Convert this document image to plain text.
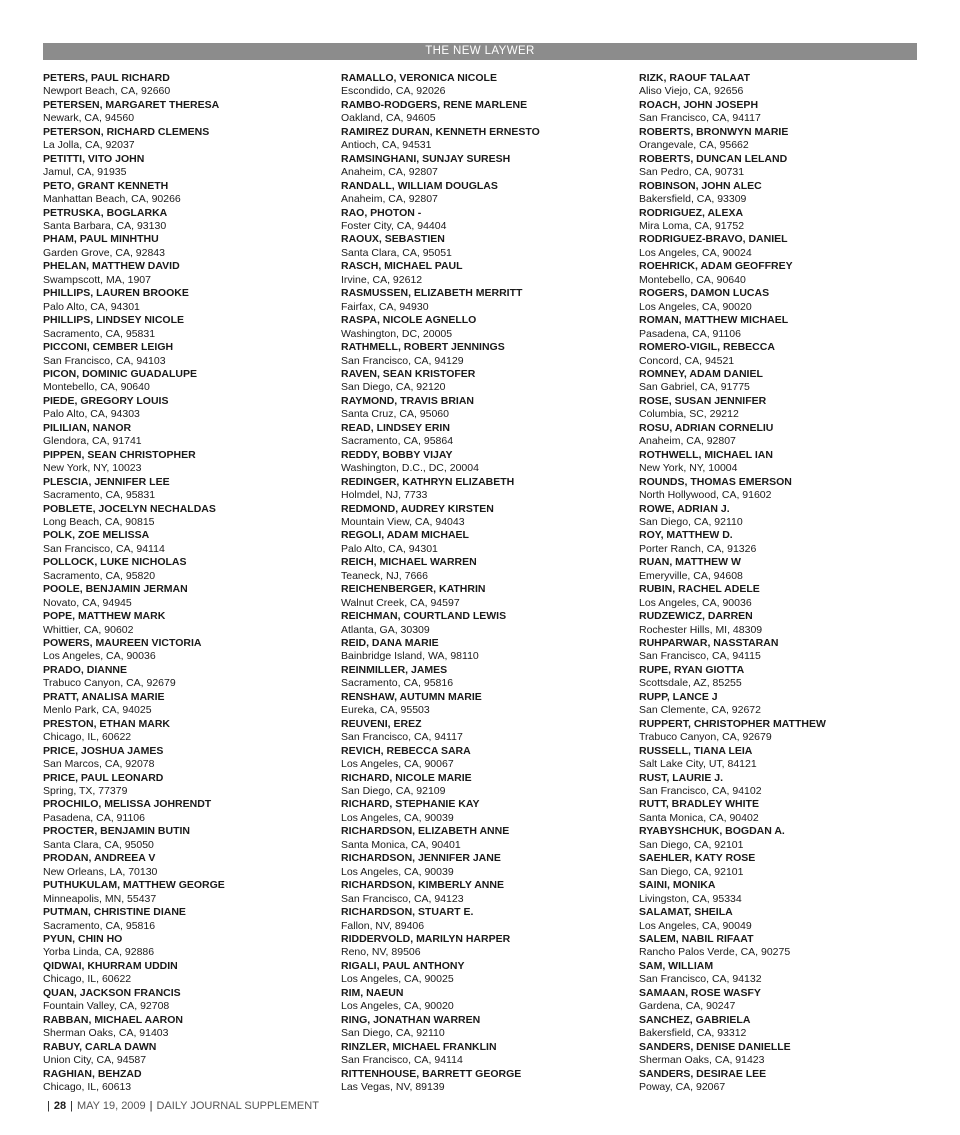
THE NEW LAYWER
PETERS, PAUL RICHARD
Newport Beach, CA, 92660
PETERSEN, MARGARET THERESA
Newark, CA, 94560
PETERSON, RICHARD CLEMENS
La Jolla, CA, 92037
PETITTI, VITO JOHN
Jamul, CA, 91935
PETO, GRANT KENNETH
Manhattan Beach, CA, 90266
PETRUSKA, BOGLARKA
Santa Barbara, CA, 93130
PHAM, PAUL MINHTHU
Garden Grove, CA, 92843
PHELAN, MATTHEW DAVID
Swampscott, MA, 1907
PHILLIPS, LAUREN BROOKE
Palo Alto, CA, 94301
PHILLIPS, LINDSEY NICOLE
Sacramento, CA, 95831
PICCONI, CEMBER LEIGH
San Francisco, CA, 94103
PICON, DOMINIC GUADALUPE
Montebello, CA, 90640
PIEDE, GREGORY LOUIS
Palo Alto, CA, 94303
PILILIAN, NANOR
Glendora, CA, 91741
PIPPEN, SEAN CHRISTOPHER
New York, NY, 10023
PLESCIA, JENNIFER LEE
Sacramento, CA, 95831
POBLETE, JOCELYN NECHALDAS
Long Beach, CA, 90815
POLK, ZOE MELISSA
San Francisco, CA, 94114
POLLOCK, LUKE NICHOLAS
Sacramento, CA, 95820
POOLE, BENJAMIN JERMAN
Novato, CA, 94945
POPE, MATTHEW MARK
Whittier, CA, 90602
POWERS, MAUREEN VICTORIA
Los Angeles, CA, 90036
PRADO, DIANNE
Trabuco Canyon, CA, 92679
PRATT, ANALISA MARIE
Menlo Park, CA, 94025
PRESTON, ETHAN MARK
Chicago, IL, 60622
PRICE, JOSHUA JAMES
San Marcos, CA, 92078
PRICE, PAUL LEONARD
Spring, TX, 77379
PROCHILO, MELISSA JOHRENDT
Pasadena, CA, 91106
PROCTER, BENJAMIN BUTIN
Santa Clara, CA, 95050
PRODAN, ANDREEA V
New Orleans, LA, 70130
PUTHUKULAM, MATTHEW GEORGE
Minneapolis, MN, 55437
PUTMAN, CHRISTINE DIANE
Sacramento, CA, 95816
PYUN, CHIN HO
Yorba Linda, CA, 92886
QIDWAI, KHURRAM UDDIN
Chicago, IL, 60622
QUAN, JACKSON FRANCIS
Fountain Valley, CA, 92708
RABBAN, MICHAEL AARON
Sherman Oaks, CA, 91403
RABUY, CARLA DAWN
Union City, CA, 94587
RAGHIAN, BEHZAD
Chicago, IL, 60613
RAMALLO, VERONICA NICOLE
Escondido, CA, 92026
RAMBO-RODGERS, RENE MARLENE
Oakland, CA, 94605
RAMIREZ DURAN, KENNETH ERNESTO
Antioch, CA, 94531
RAMSINGHANI, SUNJAY SURESH
Anaheim, CA, 92807
RANDALL, WILLIAM DOUGLAS
Anaheim, CA, 92807
RAO, PHOTON -
Foster City, CA, 94404
RAOUX, SEBASTIEN
Santa Clara, CA, 95051
RASCH, MICHAEL PAUL
Irvine, CA, 92612
RASMUSSEN, ELIZABETH MERRITT
Fairfax, CA, 94930
RASPA, NICOLE AGNELLO
Washington, DC, 20005
RATHMELL, ROBERT JENNINGS
San Francisco, CA, 94129
RAVEN, SEAN KRISTOFER
San Diego, CA, 92120
RAYMOND, TRAVIS BRIAN
Santa Cruz, CA, 95060
READ, LINDSEY ERIN
Sacramento, CA, 95864
REDDY, BOBBY VIJAY
Washington, D.C., DC, 20004
REDINGER, KATHRYN ELIZABETH
Holmdel, NJ, 7733
REDMOND, AUDREY KIRSTEN
Mountain View, CA, 94043
REGOLI, ADAM MICHAEL
Palo Alto, CA, 94301
REICH, MICHAEL WARREN
Teaneck, NJ, 7666
REICHENBERGER, KATHRIN
Walnut Creek, CA, 94597
REICHMAN, COURTLAND LEWIS
Atlanta, GA, 30309
REID, DANA MARIE
Bainbridge Island, WA, 98110
REINMILLER, JAMES
Sacramento, CA, 95816
RENSHAW, AUTUMN MARIE
Eureka, CA, 95503
REUVENI, EREZ
San Francisco, CA, 94117
REVICH, REBECCA SARA
Los Angeles, CA, 90067
RICHARD, NICOLE MARIE
San Diego, CA, 92109
RICHARD, STEPHANIE KAY
Los Angeles, CA, 90039
RICHARDSON, ELIZABETH ANNE
Santa Monica, CA, 90401
RICHARDSON, JENNIFER JANE
Los Angeles, CA, 90039
RICHARDSON, KIMBERLY ANNE
San Francisco, CA, 94123
RICHARDSON, STUART E.
Fallon, NV, 89406
RIDDERVOLD, MARILYN HARPER
Reno, NV, 89506
RIGALI, PAUL ANTHONY
Los Angeles, CA, 90025
RIM, NAEUN
Los Angeles, CA, 90020
RING, JONATHAN WARREN
San Diego, CA, 92110
RINZLER, MICHAEL FRANKLIN
San Francisco, CA, 94114
RITTENHOUSE, BARRETT GEORGE
Las Vegas, NV, 89139
RIZK, RAOUF TALAAT
Aliso Viejo, CA, 92656
ROACH, JOHN JOSEPH
San Francisco, CA, 94117
ROBERTS, BRONWYN MARIE
Orangevale, CA, 95662
ROBERTS, DUNCAN LELAND
San Pedro, CA, 90731
ROBINSON, JOHN ALEC
Bakersfield, CA, 93309
RODRIGUEZ, ALEXA
Mira Loma, CA, 91752
RODRIGUEZ-BRAVO, DANIEL
Los Angeles, CA, 90024
ROEHRICK, ADAM GEOFFREY
Montebello, CA, 90640
ROGERS, DAMON LUCAS
Los Angeles, CA, 90020
ROMAN, MATTHEW MICHAEL
Pasadena, CA, 91106
ROMERO-VIGIL, REBECCA
Concord, CA, 94521
ROMNEY, ADAM DANIEL
San Gabriel, CA, 91775
ROSE, SUSAN JENNIFER
Columbia, SC, 29212
ROSU, ADRIAN CORNELIU
Anaheim, CA, 92807
ROTHWELL, MICHAEL IAN
New York, NY, 10004
ROUNDS, THOMAS EMERSON
North Hollywood, CA, 91602
ROWE, ADRIAN J.
San Diego, CA, 92110
ROY, MATTHEW D.
Porter Ranch, CA, 91326
RUAN, MATTHEW W
Emeryville, CA, 94608
RUBIN, RACHEL ADELE
Los Angeles, CA, 90036
RUDZEWICZ, DARREN
Rochester Hills, MI, 48309
RUHPARWAR, NASSTARAN
San Francisco, CA, 94115
RUPE, RYAN GIOTTA
Scottsdale, AZ, 85255
RUPP, LANCE J
San Clemente, CA, 92672
RUPPERT, CHRISTOPHER MATTHEW
Trabuco Canyon, CA, 92679
RUSSELL, TIANA LEIA
Salt Lake City, UT, 84121
RUST, LAURIE J.
San Francisco, CA, 94102
RUTT, BRADLEY WHITE
Santa Monica, CA, 90402
RYABYSHCHUK, BOGDAN A.
San Diego, CA, 92101
SAEHLER, KATY ROSE
San Diego, CA, 92101
SAINI, MONIKA
Livingston, CA, 95334
SALAMAT, SHEILA
Los Angeles, CA, 90049
SALEM, NABIL RIFAAT
Rancho Palos Verde, CA, 90275
SAM, WILLIAM
San Francisco, CA, 94132
SAMAAN, ROSE WASFY
Gardena, CA, 90247
SANCHEZ, GABRIELA
Bakersfield, CA, 93312
SANDERS, DENISE DANIELLE
Sherman Oaks, CA, 91423
SANDERS, DESIRAE LEE
Poway, CA, 92067
| 28 | MAY 19, 2009 | DAILY JOURNAL SUPPLEMENT
